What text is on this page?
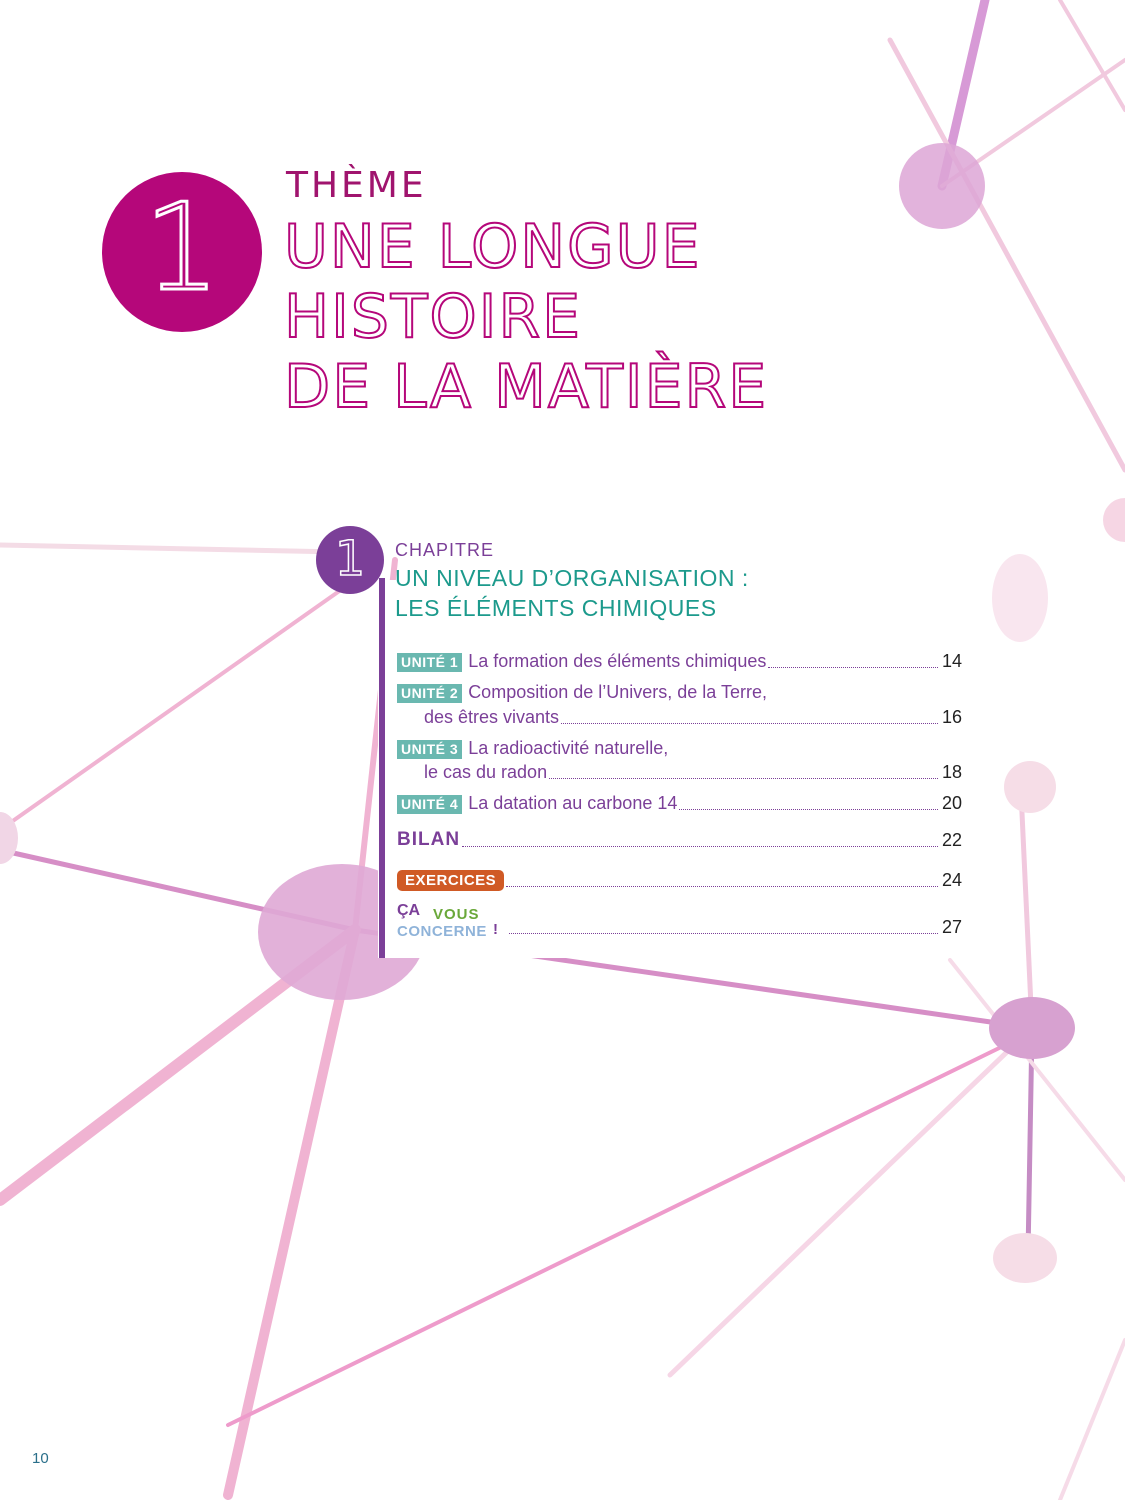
1 THÈME
UNE LONGUE HISTOIRE
DE LA MATIÈRE
1 CHAPITRE
UN NIVEAU D’ORGANISATION :
LES ÉLÉMENTS CHIMIQUES
UNITÉ 1 La formation des éléments chimiques	14
UNITÉ 2 Composition de l’Univers, de la Terre,
des êtres vivants	16
UNITÉ 3 La radioactivité naturelle,
le cas du radon	18
UNITÉ 4 La datation au carbone 14	20
BILAN	22
EXERCICES	24
ÇA VOUS
CONCERNE !	27
10
